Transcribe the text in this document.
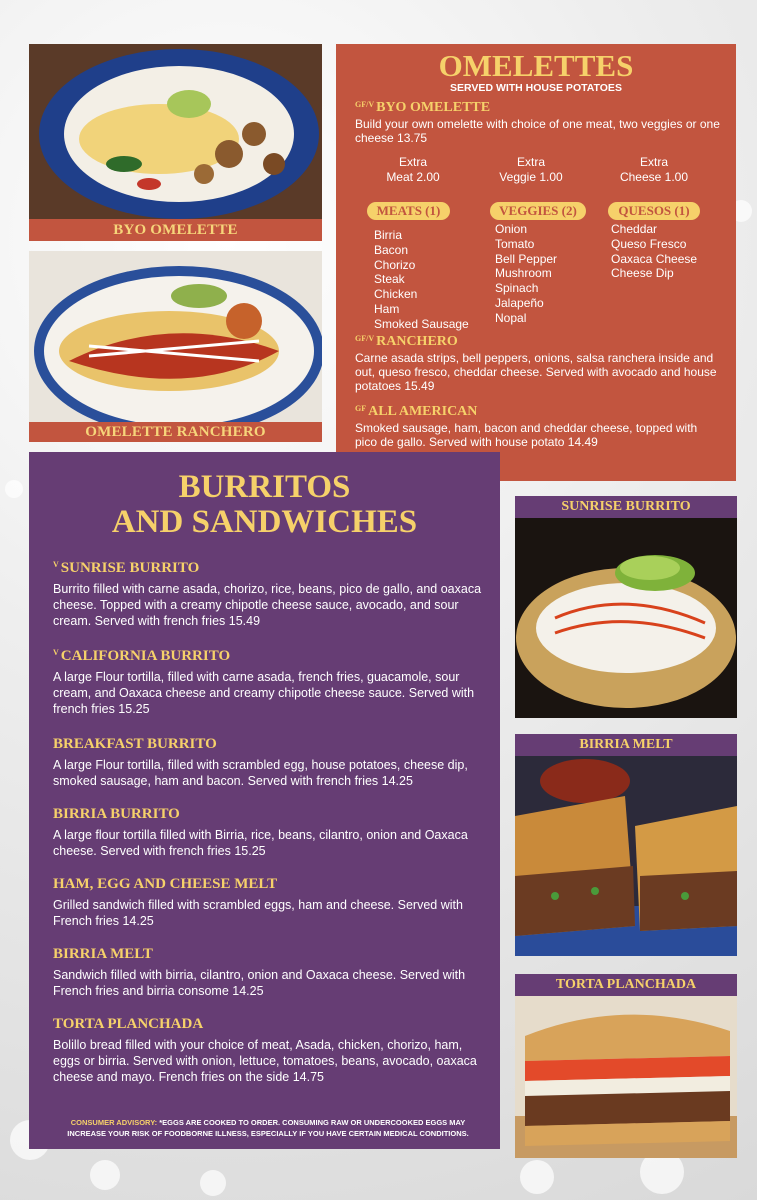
BYO OMELETTE
OMELETTE RANCHERO
OMELETTES
SERVED WITH HOUSE POTATOES
$^{GF/V}$ BYO OMELETTE
Build your own omelette with choice of one meat, two veggies or one cheese 13.75
Extra
Meat 2.00
Extra
Veggie 1.00
Extra
Cheese 1.00
MEATS (1)	VEGGIES (2)	QUESOS (1)
Birria
Bacon
Chorizo
Steak
Chicken
Ham
Smoked Sausage
Onion
Tomato
Bell Pepper
Mushroom
Spinach
Jalapeño
Nopal
Cheddar
Queso Fresco
Oaxaca Cheese
Cheese Dip
$^{GF/V}$ RANCHERO
Carne asada strips, bell peppers, onions, salsa ranchera inside and out, queso fresco, cheddar cheese. Served with avocado and house potatoes 15.49
$^{GF}$ ALL AMERICAN
Smoked sausage, ham, bacon and cheddar cheese, topped with pico de gallo. Served with house potato 14.49
BURRITOS
AND SANDWICHES
$^V$ SUNRISE BURRITO
Burrito filled with carne asada, chorizo, rice, beans, pico de gallo, and oaxaca cheese. Topped with a creamy chipotle cheese sauce, avocado, and sour cream. Served with french fries 15.49
$^V$ CALIFORNIA BURRITO
A large Flour tortilla, filled with carne asada, french fries, guacamole, sour cream, and Oaxaca cheese and creamy chipotle cheese sauce. Served with french fries 15.25
BREAKFAST BURRITO
A large Flour tortilla, filled with scrambled egg, house potatoes, cheese dip, smoked sausage, ham and bacon. Served with french fries 14.25
BIRRIA BURRITO
A large flour tortilla filled with Birria, rice, beans, cilantro, onion and Oaxaca cheese. Served with french fries 15.25
HAM, EGG AND CHEESE MELT
Grilled sandwich filled with scrambled eggs, ham and cheese. Served with French fries 14.25
BIRRIA MELT
Sandwich filled with birria, cilantro, onion and Oaxaca cheese. Served with French fries and birria consome 14.25
TORTA PLANCHADA
Bolillo bread filled with your choice of meat, Asada, chicken, chorizo, ham, eggs or birria. Served with onion, lettuce, tomatoes, beans, avocado, oaxaca cheese and mayo. French fries on the side 14.75
CONSUMER ADVISORY: *EGGS ARE COOKED TO ORDER. CONSUMING RAW OR UNDERCOOKED EGGS MAY INCREASE YOUR RISK OF FOODBORNE ILLNESS, ESPECIALLY IF YOU HAVE CERTAIN MEDICAL CONDITIONS.
SUNRISE BURRITO
BIRRIA MELT
TORTA PLANCHADA
